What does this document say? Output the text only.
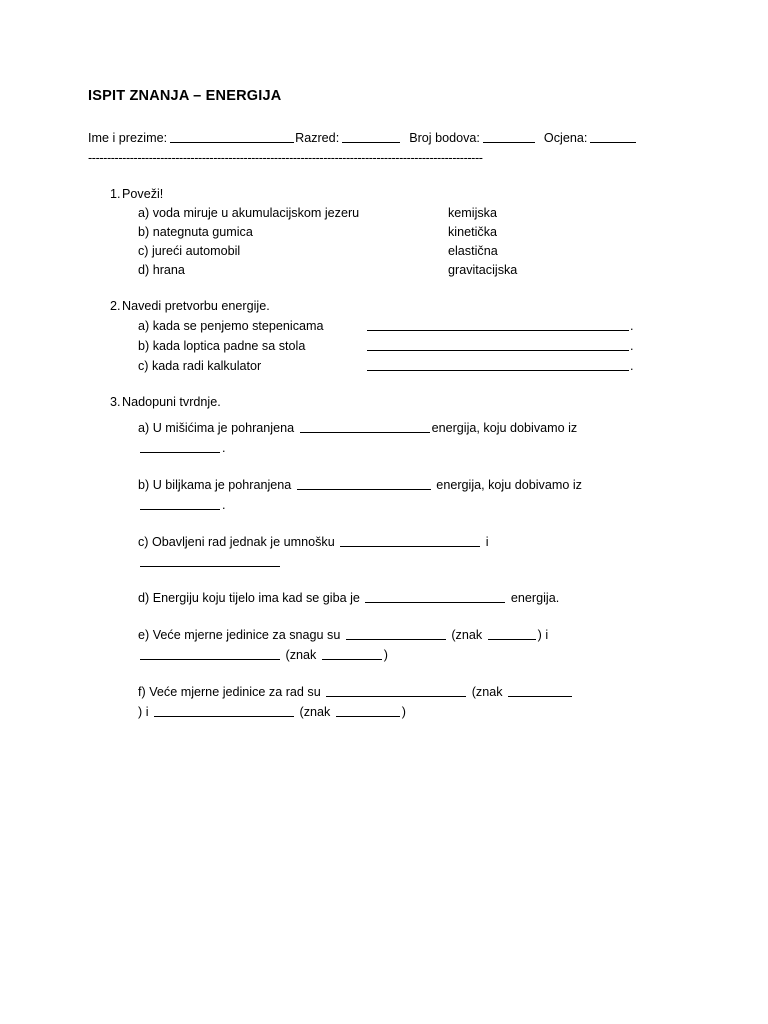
ISPIT ZNANJA – ENERGIJA
Ime i prezime:	Razred:	Broj bodova:	Ocjena:
--------------------------------------------------------------------------------------------------------
1. Poveži!
a) voda miruje u akumulacijskom jezeru	kemijska
b) nategnuta gumica	kinetička
c) jureći automobil	elastična
d) hrana	gravitacijska
2. Navedi pretvorbu energije.
a) kada se penjemo stepenicama	.
b) kada loptica padne sa stola	.
c) kada radi kalkulator	.
3. Nadopuni tvrdnje.
a) U mišićima je pohranjena	energija, koju dobivamo iz.
b) U biljkama je pohranjena	energija, koju dobivamo iz.
c) Obavljeni rad jednak je umnošku	i
d) Energiju koju tijelo ima kad se giba je	energija.
e) Veće mjerne jedinice za snagu su	(znak	) i  (znak	)
f) Veće mjerne jedinice za rad su	(znak ) i	(znak	)
